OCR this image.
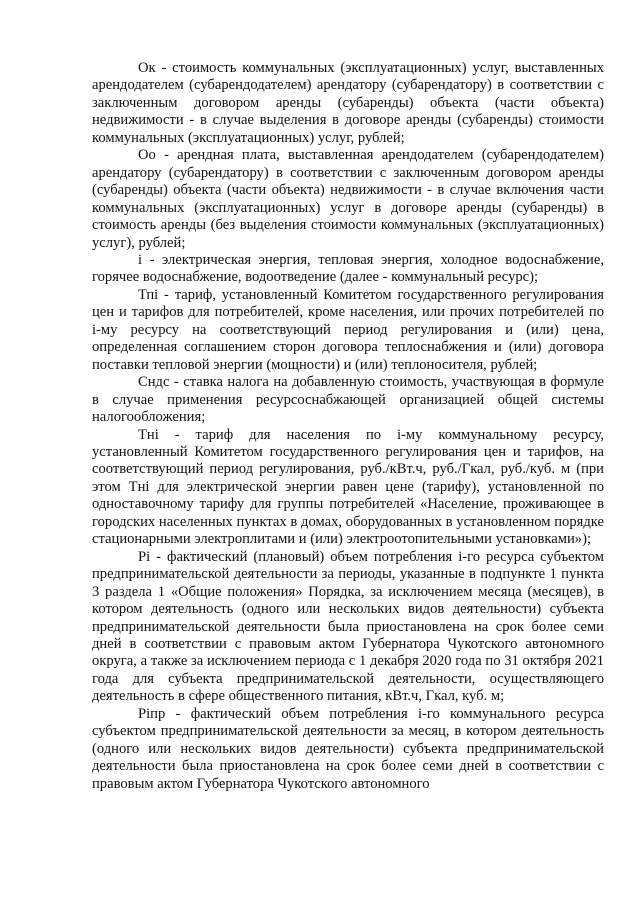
Ок - стоимость коммунальных (эксплуатационных) услуг, выставленных арендодателем (субарендодателем) арендатору (субарендатору) в соответствии с заключенным договором аренды (субаренды) объекта (части объекта) недвижимости - в случае выделения в договоре аренды (субаренды) стоимости коммунальных (эксплуатационных) услуг, рублей;

Оо - арендная плата, выставленная арендодателем (субарендодателем) арендатору (субарендатору) в соответствии с заключенным договором аренды (субаренды) объекта (части объекта) недвижимости - в случае включения части коммунальных (эксплуатационных) услуг в договоре аренды (субаренды) в стоимость аренды (без выделения стоимости коммунальных (эксплуатационных) услуг), рублей;

i - электрическая энергия, тепловая энергия, холодное водоснабжение, горячее водоснабжение, водоотведение (далее - коммунальный ресурс);

Тпi - тариф, установленный Комитетом государственного регулирования цен и тарифов для потребителей, кроме населения, или прочих потребителей по i-му ресурсу на соответствующий период регулирования и (или) цена, определенная соглашением сторон договора теплоснабжения и (или) договора поставки тепловой энергии (мощности) и (или) теплоносителя, рублей;

Сндс - ставка налога на добавленную стоимость, участвующая в формуле в случае применения ресурсоснабжающей организацией общей системы налогообложения;

Тнi - тариф для населения по i-му коммунальному ресурсу, установленный Комитетом государственного регулирования цен и тарифов, на соответствующий период регулирования, руб./кВт.ч, руб./Гкал, руб./куб. м (при этом Тнi для электрической энергии равен цене (тарифу), установленной по одноставочному тарифу для группы потребителей «Население, проживающее в городских населенных пунктах в домах, оборудованных в установленном порядке стационарными электроплитами и (или) электроотопительными установками»);

Pi - фактический (плановый) объем потребления i-го ресурса субъектом предпринимательской деятельности за периоды, указанные в подпункте 1 пункта 3 раздела 1 «Общие положения» Порядка, за исключением месяца (месяцев), в котором деятельность (одного или нескольких видов деятельности) субъекта предпринимательской деятельности была приостановлена на срок более семи дней в соответствии с правовым актом Губернатора Чукотского автономного округа, а также за исключением периода с 1 декабря 2020 года по 31 октября 2021 года для субъекта предпринимательской деятельности, осуществляющего деятельность в сфере общественного питания, кВт.ч, Гкал, куб. м;

Piпр - фактический объем потребления i-го коммунального ресурса субъектом предпринимательской деятельности за месяц, в котором деятельность (одного или нескольких видов деятельности) субъекта предпринимательской деятельности была приостановлена на срок более семи дней в соответствии с правовым актом Губернатора Чукотского автономного
